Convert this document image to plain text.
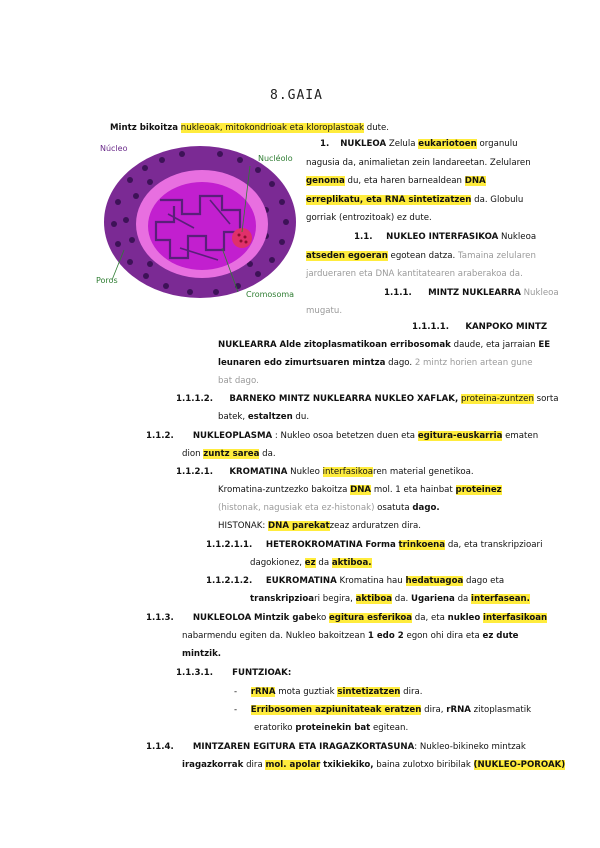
8.GAIA
Mintz bikoitza nukleoak, mitokondrioak eta kloroplastoak dute.
Núcleo
Nucléolo
Poros
Cromosoma
1. NUKLEOA Zelula eukariotoen organulu
nagusia da, animalietan zein landareetan. Zelularen
genoma du, eta haren barnealdean DNA
erreplikatu, eta RNA sintetizatzen da. Globulu
gorriak (entrozitoak) ez dute.
1.1. NUKLEO INTERFASIKOA Nukleoa
atseden egoeran egotean datza. Tamaina zelularen
jardueraren eta DNA kantitatearen araberakoa da.
1.1.1. MINTZ NUKLEARRA Nukleoa
mugatu.
1.1.1.1. KANPOKO MINTZ
NUKLEARRA Alde zitoplasmatikoan erribosomak daude, eta jarraian EE
leunaren edo zimurtsuaren mintza dago. 2 mintz horien artean gune
bat dago.
1.1.1.2. BARNEKO MINTZ NUKLEARRA NUKLEO XAFLAK, proteina-zuntzen sorta
batek, estaltzen du.
1.1.2. NUKLEOPLASMA : Nukleo osoa betetzen duen eta egitura-euskarria ematen
dion zuntz sarea da.
1.1.2.1. KROMATINA Nukleo interfasikoaren material genetikoa.
Kromatina-zuntzezko bakoitza DNA mol. 1 eta hainbat proteinez
(histonak, nagusiak eta ez-histonak) osatuta dago.
HISTONAK: DNA parekatzeaz arduratzen dira.
1.1.2.1.1. HETEROKROMATINA Forma trinkoena da, eta transkripzioari
dagokionez, ez da aktiboa.
1.1.2.1.2. EUKROMATINA Kromatina hau hedatuagoa dago eta
transkripzioari begira, aktiboa da. Ugariena da interfasean.
1.1.3. NUKLEOLOA Mintzik gabeko egitura esferikoa da, eta nukleo interfasikoan
nabarmendu egiten da. Nukleo bakoitzean 1 edo 2 egon ohi dira eta ez dute
mintzik.
1.1.3.1. FUNTZIOAK:
-     rRNA mota guztiak sintetizatzen dira.
-     Erribosomen azpiunitateak eratzen dira, rRNA zitoplasmatik
eratoriko proteinekin bat egitean.
1.1.4. MINTZAREN EGITURA ETA IRAGAZKORTASUNA: Nukleo-bikineko mintzak
iragazkorrak dira mol. apolar txikiekiko, baina zulotxo biribilak (NUKLEO-POROAK)
